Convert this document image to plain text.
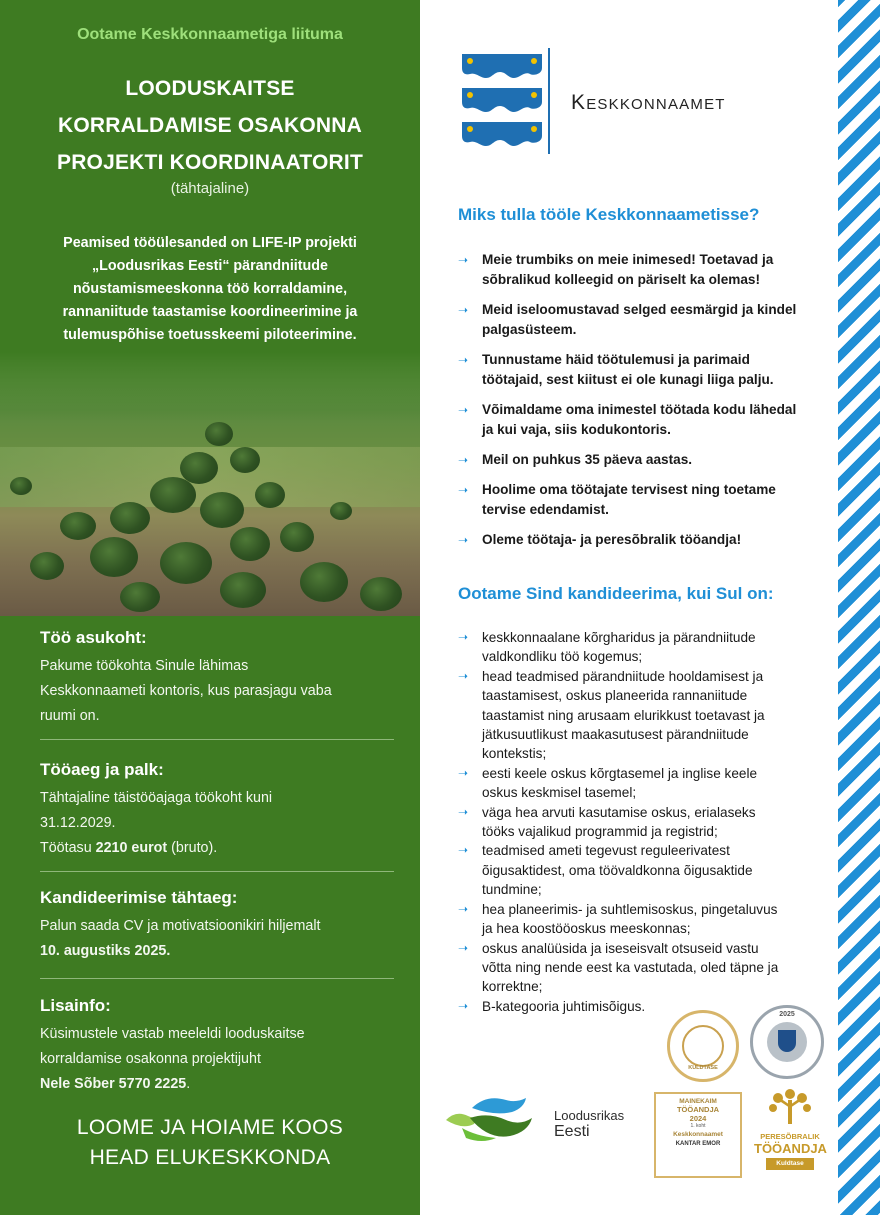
Ootame Keskkonnaametiga liituma
LOODUSKAITSE
KORRALDAMISE OSAKONNA
PROJEKTI KOORDINAATORIT
(tähtajaline)
Peamised tööülesanded on LIFE-IP projekti
„Loodusrikas Eesti“ pärandniitude
nõustamismeeskonna töö korraldamine,
rannaniitude taastamise koordineerimine ja
tulemuspõhise toetusskeemi piloteerimine.
Töö asukoht:

Pakume töökohta Sinule lähimas
Keskkonnaameti kontoris, kus parasjagu vaba
ruumi on.

Tööaeg ja palk:

Tähtajaline täistööajaga töökoht kuni
31.12.2029.
Töötasu 2210 eurot (bruto).

Kandideerimise tähtaeg:

Palun saada CV ja motivatsioonikiri hiljemalt
10. augustiks 2025.

Lisainfo:

Küsimustele vastab meeleldi looduskaitse
korraldamise osakonna projektijuht
Nele Sõber 5770 2225.

LOOME JA HOIAME KOOS
HEAD ELUKESKKONDA
Keskkonnaamet
Miks tulla tööle Keskkonnaametisse?
➝ Meie trumbiks on meie inimesed! Toetavad ja
sõbralikud kolleegid on päriselt ka olemas!
➝ Meid iseloomustavad selged eesmärgid ja kindel
palgasüsteem.
➝ Tunnustame häid töötulemusi ja parimaid
töötajaid, sest kiitust ei ole kunagi liiga palju.
➝ Võimaldame oma inimestel töötada kodu lähedal
ja kui vaja, siis kodukontoris.
➝ Meil on puhkus 35 päeva aastas.
➝ Hoolime oma töötajate tervisest ning toetame
tervise edendamist.
➝ Oleme töötaja- ja peresõbralik tööandja!
Ootame Sind kandideerima, kui Sul on:
➝ keskkonnaalane kõrgharidus ja pärandniitude
valdkondliku töö kogemus;
➝ head teadmised pärandniitude hooldamisest ja
taastamisest, oskus planeerida rannaniitude
taastamist ning arusaam elurikkust toetavast ja
jätkusuutlikust maakasutusest pärandniitude
kontekstis;
➝ eesti keele oskus kõrgtasemel ja inglise keele
oskus keskmisel tasemel;
➝ väga hea arvuti kasutamise oskus, erialaseks
tööks vajalikud programmid ja registrid;
➝ teadmised ameti tegevust reguleerivatest
õigusaktidest, oma töövaldkonna õigusaktide
tundmine;
➝ hea planeerimis- ja suhtlemisoskus, pingetaluvus
ja hea koostööoskus meeskonnas;
➝ oskus analüüsida ja iseseisvalt otsuseid vastu
võtta ning nende eest ka vastutada, oled täpne ja
korrektne;
➝ B-kategooria juhtimisõigus.
KULDTASE
2025
Loodusrikas
Eesti
MAINEKAIM
TÖÖANDJA
2024
1. koht
Keskkonnaamet
KANTAR EMOR
PERESÕBRALIK
TÖÖANDJA
Kuldtase
